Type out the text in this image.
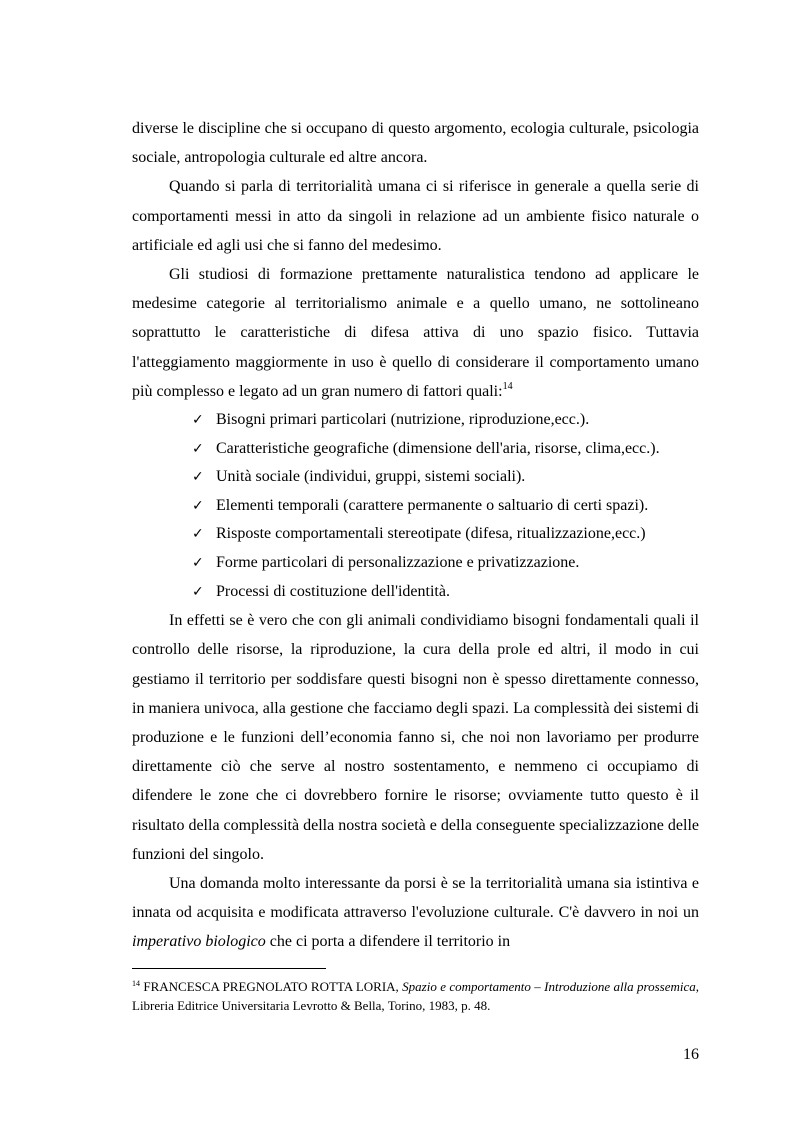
diverse le discipline che si occupano di questo argomento, ecologia culturale, psicologia sociale, antropologia culturale ed altre ancora.

Quando si parla di territorialità umana ci si riferisce in generale a quella serie di comportamenti messi in atto da singoli in relazione ad un ambiente fisico naturale o artificiale ed agli usi che si fanno del medesimo.

Gli studiosi di formazione prettamente naturalistica tendono ad applicare le medesime categorie al territorialismo animale e a quello umano, ne sottolineano soprattutto le caratteristiche di difesa attiva di uno spazio fisico. Tuttavia l'atteggiamento maggiormente in uso è quello di considerare il comportamento umano più complesso e legato ad un gran numero di fattori quali:$^{14}$

✓ Bisogni primari particolari (nutrizione, riproduzione,ecc.).
✓ Caratteristiche geografiche (dimensione dell'aria, risorse, clima,ecc.).
✓ Unità sociale (individui, gruppi, sistemi sociali).
✓ Elementi temporali (carattere permanente o saltuario di certi spazi).
✓ Risposte comportamentali stereotipate (difesa, ritualizzazione,ecc.)
✓ Forme particolari di personalizzazione e privatizzazione.
✓ Processi di costituzione dell'identità.

In effetti se è vero che con gli animali condividiamo bisogni fondamentali quali il controllo delle risorse, la riproduzione, la cura della prole ed altri, il modo in cui gestiamo il territorio per soddisfare questi bisogni non è spesso direttamente connesso, in maniera univoca, alla gestione che facciamo degli spazi. La complessità dei sistemi di produzione e le funzioni dell’economia fanno si, che noi non lavoriamo per produrre direttamente ciò che serve al nostro sostentamento, e nemmeno ci occupiamo di difendere le zone che ci dovrebbero fornire le risorse; ovviamente tutto questo è il risultato della complessità della nostra società e della conseguente specializzazione delle funzioni del singolo.

Una domanda molto interessante da porsi è se la territorialità umana sia istintiva e innata od acquisita e modificata attraverso l'evoluzione culturale. C'è davvero in noi un imperativo biologico che ci porta a difendere il territorio in

$^{14}$ FRANCESCA PREGNOLATO ROTTA LORIA, Spazio e comportamento – Introduzione alla prossemica, Libreria Editrice Universitaria Levrotto & Bella, Torino, 1983, p. 48.

16
